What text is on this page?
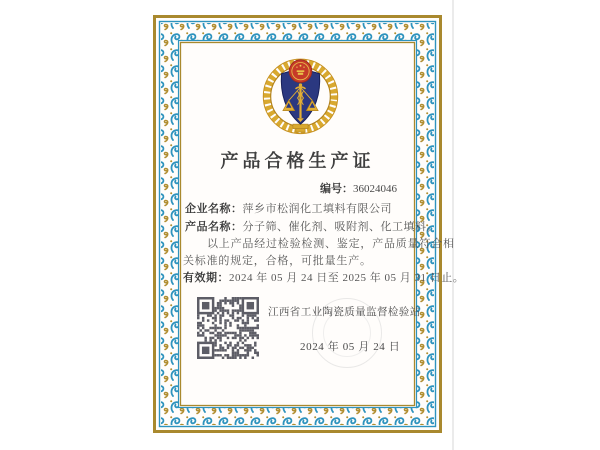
产品合格生产证
编号：36024046
企业名称：萍乡市松润化工填料有限公司
产品名称：分子筛、催化剂、吸附剂、化工填料。
以上产品经过检验检测、鉴定，产品质量符合相
关标准的规定，合格，可批量生产。
有效期：2024 年 05 月 24 日至 2025 年 05 月 31 日止。
江西省工业陶瓷质量监督检验站
2024 年 05 月 24 日
